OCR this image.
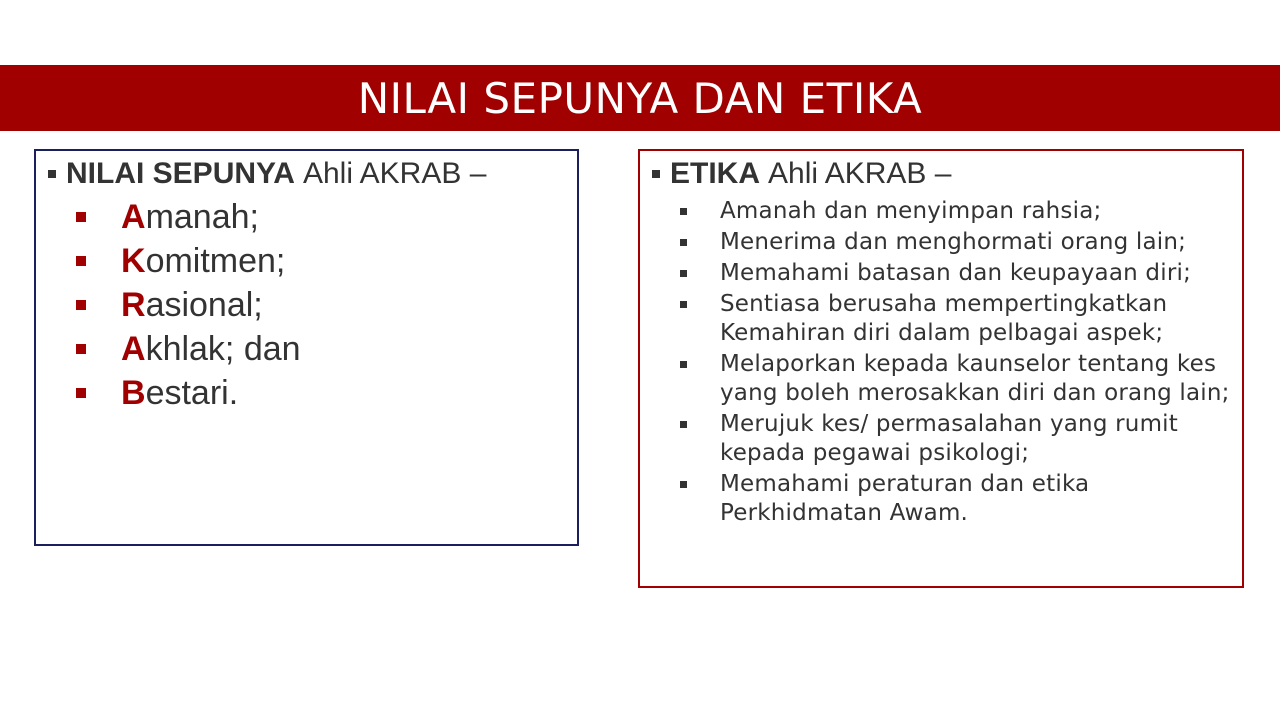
NILAI SEPUNYA DAN ETIKA
NILAI SEPUNYA Ahli AKRAB –
A manah;
K omitmen;
R asional;
A khlak; dan
B estari.
ETIKA Ahli AKRAB –
Amanah dan menyimpan rahsia;
Menerima dan menghormati orang lain;
Memahami batasan dan keupayaan diri;
Sentiasa berusaha mempertingkatkan Kemahiran diri dalam pelbagai aspek;
Melaporkan kepada kaunselor tentang kes yang boleh merosakkan diri dan orang lain;
Merujuk kes/ permasalahan yang rumit kepada pegawai psikologi;
Memahami peraturan dan etika Perkhidmatan Awam.
